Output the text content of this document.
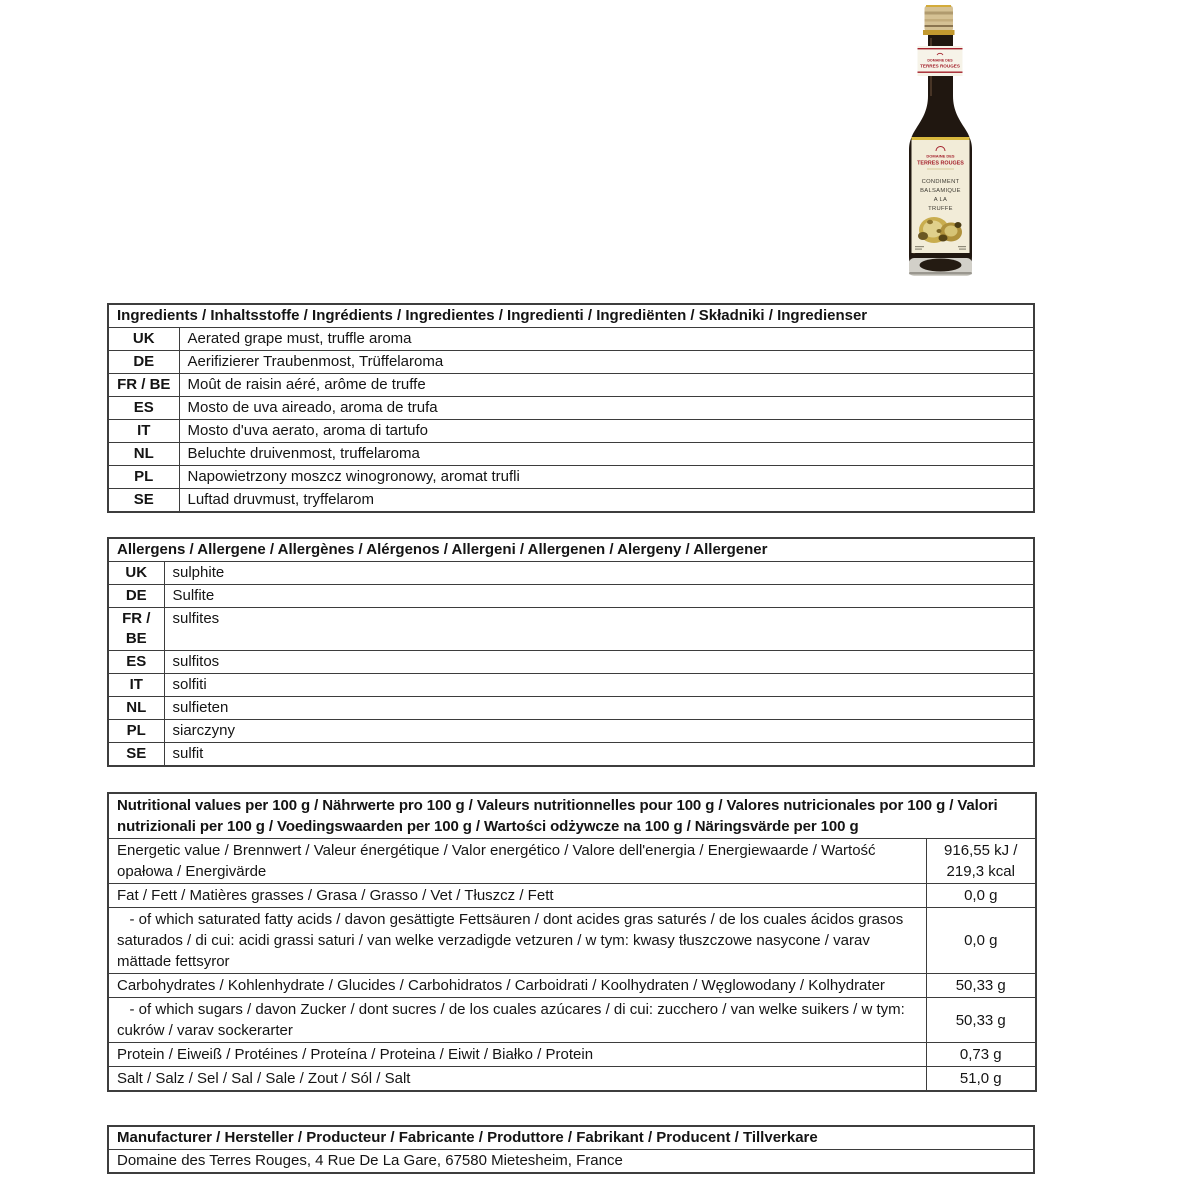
DOMAINE DES
TERRES ROUGES
DOMAINE DES
TERRES ROUGES
CONDIMENT
BALSAMIQUE
A LA
TRUFFE
Ingredients / Inhaltsstoffe / Ingrédients / Ingredientes / Ingredienti / Ingrediënten / Składniki / Ingredienser	
UK	Aerated grape must, truffle aroma
DE	Aerifizierer Traubenmost, Trüffelaroma
FR / BE	Moût de raisin aéré, arôme de truffe
ES	Mosto de uva aireado, aroma de trufa
IT	Mosto d'uva aerato, aroma di tartufo
NL	Beluchte druivenmost, truffelaroma
PL	Napowietrzony moszcz winogronowy, aromat trufli
SE	Luftad druvmust, tryffelarom
Allergens / Allergene / Allergènes / Alérgenos / Allergeni / Allergenen / Alergeny / Allergener	
UK	sulphite
DE	Sulfite
FR / BE	sulfites
ES	sulfitos
IT	solfiti
NL	sulfieten
PL	siarczyny
SE	sulfit
Nutritional values per 100 g / Nährwerte pro 100 g / Valeurs nutritionnelles pour 100 g / Valores nutricionales por 100 g / Valori nutrizionali per 100 g / Voedingswaarden per 100 g / Wartości odżywcze na 100 g / Näringsvärde per 100 g	
Energetic value / Brennwert / Valeur énergétique / Valor energético / Valore dell'energia / Energiewaarde / Wartość opałowa / Energivärde	916,55 kJ / 219,3 kcal
Fat / Fett / Matières grasses / Grasa / Grasso / Vet / Tłuszcz / Fett	0,0 g
- of which saturated fatty acids / davon gesättigte Fettsäuren / dont acides gras saturés / de los cuales ácidos grasos saturados / di cui: acidi grassi saturi / van welke verzadigde vetzuren / w tym: kwasy tłuszczowe nasycone / varav mättade fettsyror	0,0 g
Carbohydrates / Kohlenhydrate / Glucides / Carbohidratos / Carboidrati / Koolhydraten / Węglowodany / Kolhydrater	50,33 g
- of which sugars / davon Zucker / dont sucres / de los cuales azúcares / di cui: zucchero / van welke suikers / w tym: cukrów / varav sockerarter	50,33 g
Protein / Eiweiß / Protéines / Proteína / Proteina / Eiwit / Białko / Protein	0,73 g
Salt / Salz / Sel / Sal / Sale / Zout / Sól / Salt	51,0 g
Manufacturer / Hersteller / Producteur / Fabricante / Produttore / Fabrikant / Producent / Tillverkare
Domaine des Terres Rouges, 4 Rue De La Gare, 67580 Mietesheim, France
